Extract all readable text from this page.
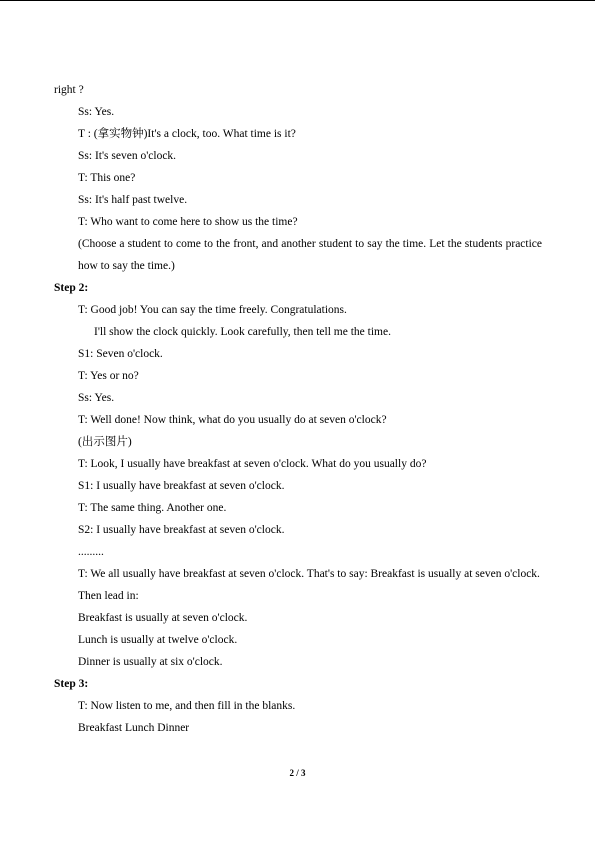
right ?
Ss: Yes.
T : (拿实物钟)It's a clock, too. What time is it?
Ss: It's seven o'clock.
T: This one?
Ss: It's half past twelve.
T: Who want to come here to show us the time?
(Choose a student to come to the front, and another student to say the time. Let the students practice how to say the time.)
Step 2:
T: Good job! You can say the time freely. Congratulations.
I'll show the clock quickly. Look carefully, then tell me the time.
S1: Seven o'clock.
T: Yes or no?
Ss: Yes.
T: Well done! Now think, what do you usually do at seven o'clock?
(出示图片)
T: Look, I usually have breakfast at seven o'clock. What do you usually do?
S1: I usually have breakfast at seven o'clock.
T: The same thing. Another one.
S2: I usually have breakfast at seven o'clock.
.........
T: We all usually have breakfast at seven o'clock. That's to say: Breakfast is usually at seven o'clock.
Then lead in:
Breakfast is usually at seven o'clock.
Lunch is usually at twelve o'clock.
Dinner is usually at six o'clock.
Step 3:
T: Now listen to me, and then fill in the blanks.
Breakfast Lunch Dinner
2 / 3
